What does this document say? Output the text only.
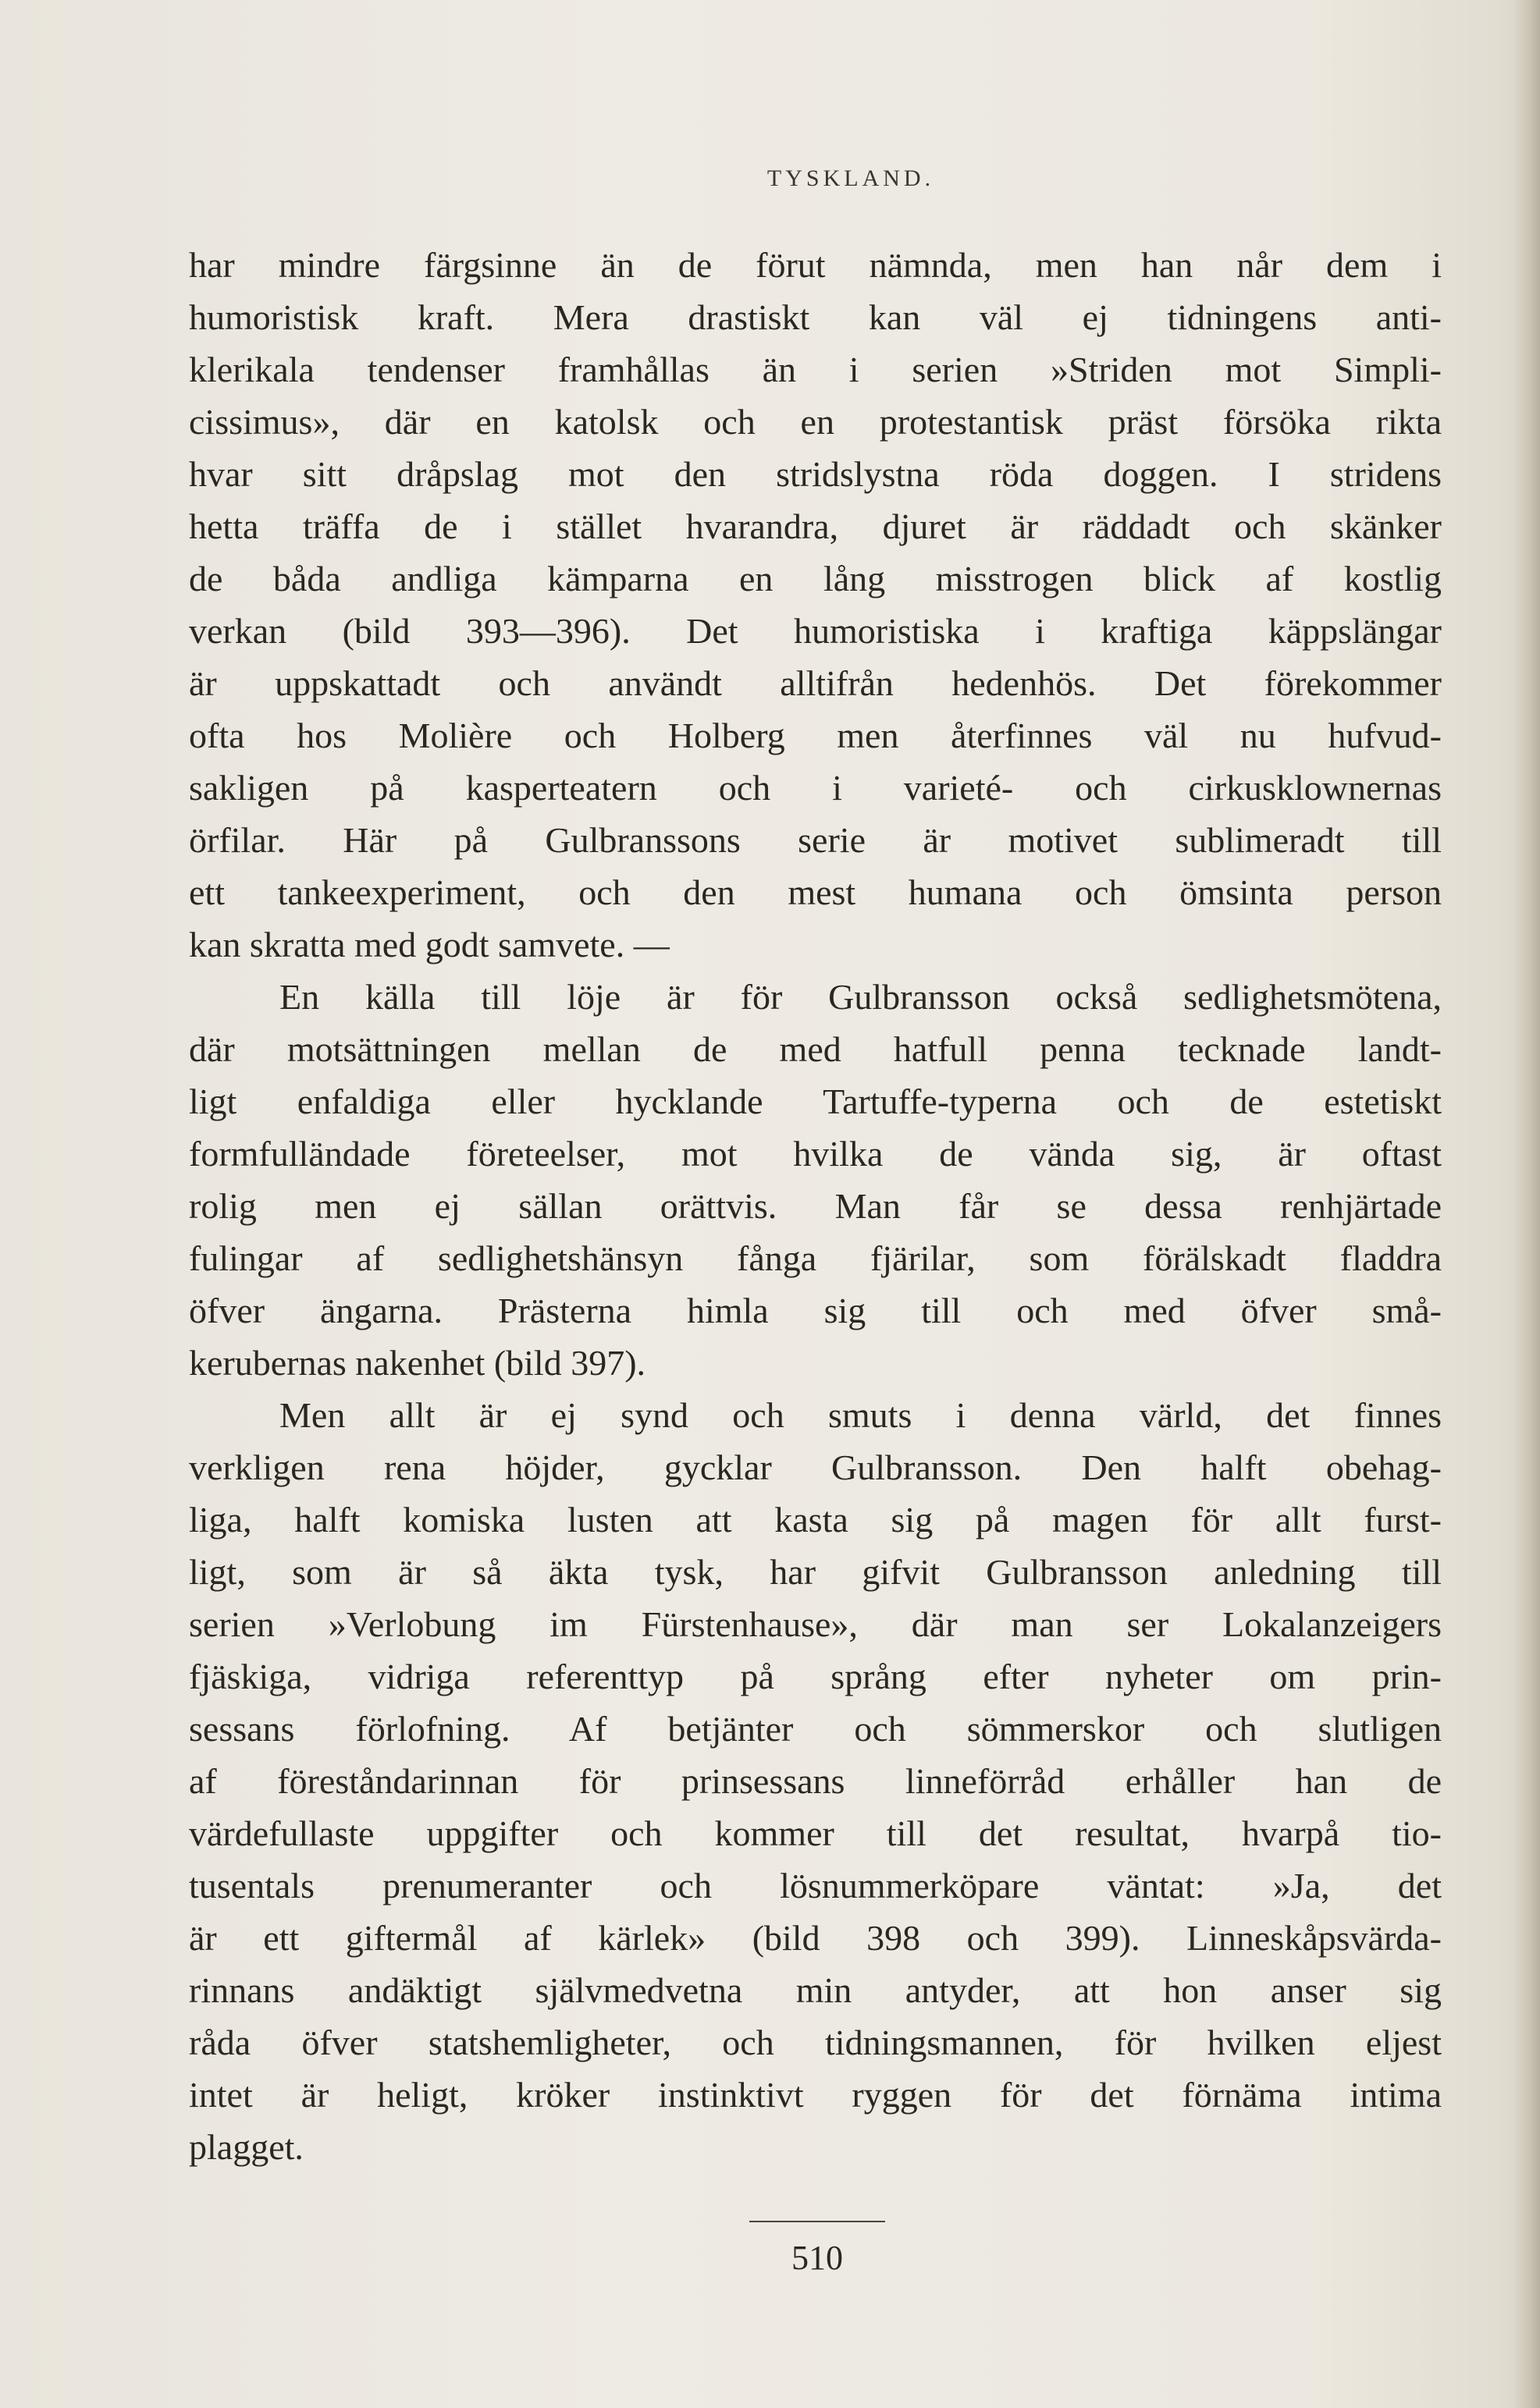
TYSKLAND.
har mindre färgsinne än de förut nämnda, men han når dem i
humoristisk kraft. Mera drastiskt kan väl ej tidningens anti-
klerikala tendenser framhållas än i serien »Striden mot Simpli-
cissimus», där en katolsk och en protestantisk präst försöka rikta
hvar sitt dråpslag mot den stridslystna röda doggen. I stridens
hetta träffa de i stället hvarandra, djuret är räddadt och skänker
de båda andliga kämparna en lång misstrogen blick af kostlig
verkan (bild 393—396). Det humoristiska i kraftiga käppslängar
är uppskattadt och användt alltifrån hedenhös. Det förekommer
ofta hos Molière och Holberg men återfinnes väl nu hufvud-
sakligen på kasperteatern och i varieté- och cirkusklownernas
örfilar. Här på Gulbranssons serie är motivet sublimeradt till
ett tankeexperiment, och den mest humana och ömsinta person
kan skratta med godt samvete. —
En källa till löje är för Gulbransson också sedlighetsmötena,
där motsättningen mellan de med hatfull penna tecknade landt-
ligt enfaldiga eller hycklande Tartuffe-typerna och de estetiskt
formfulländade företeelser, mot hvilka de vända sig, är oftast
rolig men ej sällan orättvis. Man får se dessa renhjärtade
fulingar af sedlighetshänsyn fånga fjärilar, som förälskadt fladdra
öfver ängarna. Prästerna himla sig till och med öfver små-
kerubernas nakenhet (bild 397).
Men allt är ej synd och smuts i denna värld, det finnes
verkligen rena höjder, gycklar Gulbransson. Den halft obehag-
liga, halft komiska lusten att kasta sig på magen för allt furst-
ligt, som är så äkta tysk, har gifvit Gulbransson anledning till
serien »Verlobung im Fürstenhause», där man ser Lokalanzeigers
fjäskiga, vidriga referenttyp på språng efter nyheter om prin-
sessans förlofning. Af betjänter och sömmerskor och slutligen
af föreståndarinnan för prinsessans linneförråd erhåller han de
värdefullaste uppgifter och kommer till det resultat, hvarpå tio-
tusentals prenumeranter och lösnummerköpare väntat: »Ja, det
är ett giftermål af kärlek» (bild 398 och 399). Linneskåpsvärda-
rinnans andäktigt självmedvetna min antyder, att hon anser sig
råda öfver statshemligheter, och tidningsmannen, för hvilken eljest
intet är heligt, kröker instinktivt ryggen för det förnäma intima
plagget.
510
